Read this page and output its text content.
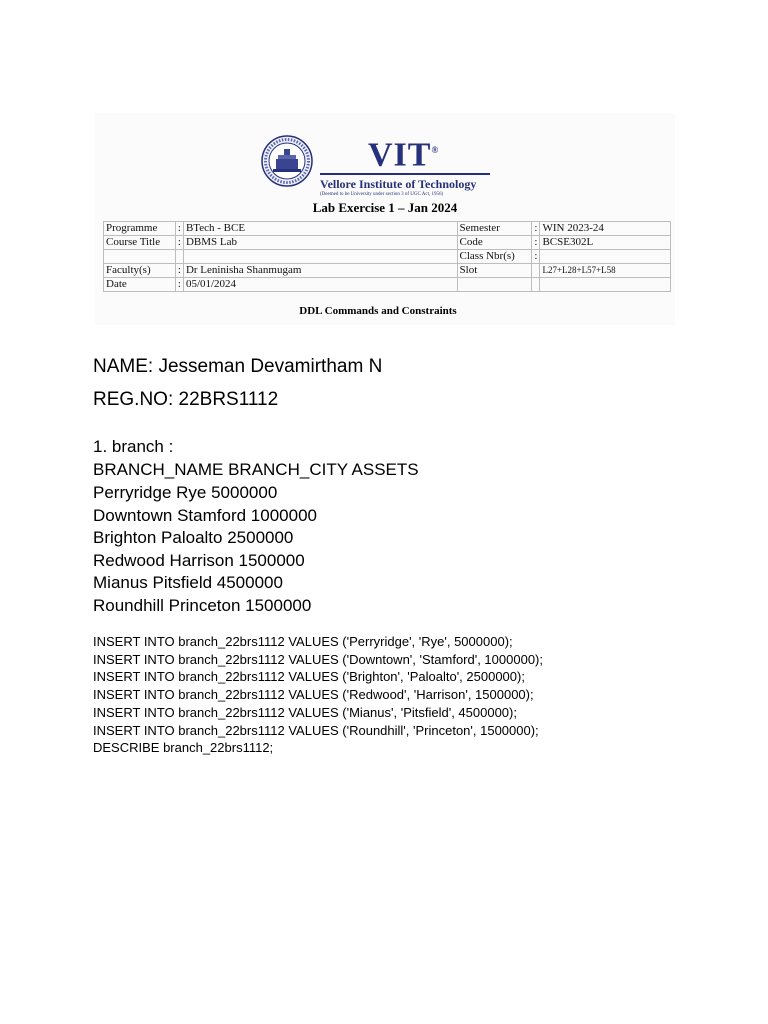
VIT®
Vellore Institute of Technology
(Deemed to be University under section 3 of UGC Act, 1956)
Lab Exercise 1 – Jan 2024
Programme	:	BTech - BCE	Semester	:	WIN 2023-24
Course Title	:	DBMS Lab	Code	:	BCSE302L
			Class Nbr(s)	:	
Faculty(s)	:	Dr Leninisha Shanmugam	Slot		L27+L28+L57+L58
Date	:	05/01/2024			
DDL Commands and Constraints
NAME: Jesseman Devamirtham N
REG.NO: 22BRS1112
1. branch :
BRANCH_NAME BRANCH_CITY ASSETS
Perryridge Rye 5000000
Downtown Stamford 1000000
Brighton Paloalto 2500000
Redwood Harrison 1500000
Mianus Pitsfield 4500000
Roundhill Princeton 1500000
INSERT INTO branch_22brs1112 VALUES ('Perryridge', 'Rye', 5000000);
INSERT INTO branch_22brs1112 VALUES ('Downtown', 'Stamford', 1000000);
INSERT INTO branch_22brs1112 VALUES ('Brighton', 'Paloalto', 2500000);
INSERT INTO branch_22brs1112 VALUES ('Redwood', 'Harrison', 1500000);
INSERT INTO branch_22brs1112 VALUES ('Mianus', 'Pitsfield', 4500000);
INSERT INTO branch_22brs1112 VALUES ('Roundhill', 'Princeton', 1500000);
DESCRIBE branch_22brs1112;
